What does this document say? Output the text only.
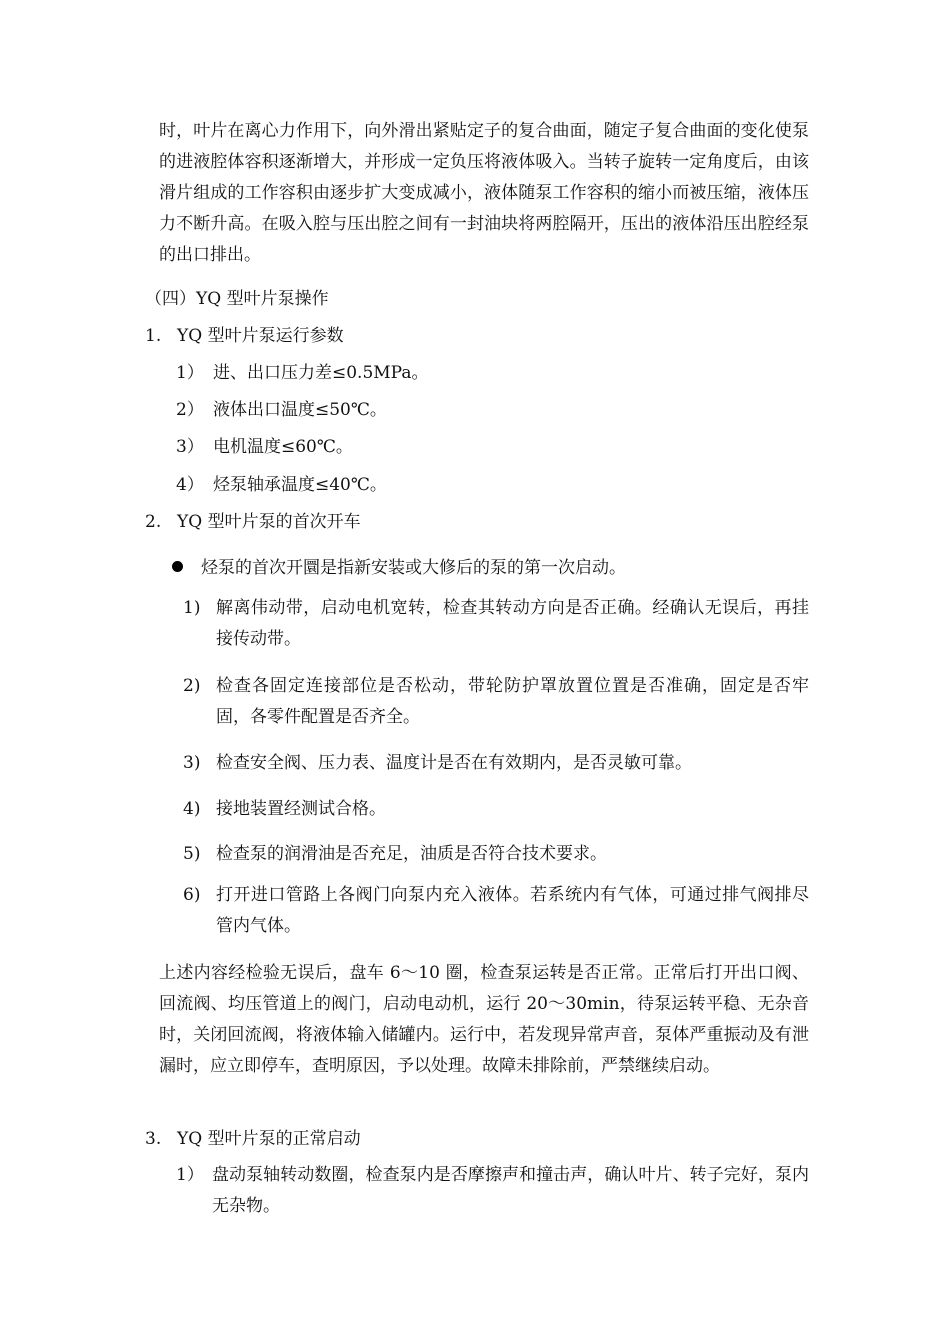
时，叶片在离心力作用下，向外滑出紧贴定子的复合曲面，随定子复合曲面的变化使泵的进液腔体容积逐渐增大，并形成一定负压将液体吸入。当转子旋转一定角度后，由该滑片组成的工作容积由逐步扩大变成减小，液体随泵工作容积的缩小而被压缩，液体压力不断升高。在吸入腔与压出腔之间有一封油块将两腔隔开，压出的液体沿压出腔经泵的出口排出。

（四）YQ 型叶片泵操作

1. YQ 型叶片泵运行参数

1） 进、出口压力差≤0.5MPa。

2） 液体出口温度≤50℃。

3） 电机温度≤60℃。

4） 烃泵轴承温度≤40℃。

2. YQ 型叶片泵的首次开车

烃泵的首次开圜是指新安装或大修后的泵的第一次启动。

1) 解离伟动带，启动电机宽转，检查其转动方向是否正确。经确认无误后，再挂接传动带。

2) 检查各固定连接部位是否松动，带轮防护罩放置位置是否准确，固定是否牢固，各零件配置是否齐全。

3) 检查安全阀、压力表、温度计是否在有效期内，是否灵敏可靠。

4) 接地装置经测试合格。

5) 检查泵的润滑油是否充足，油质是否符合技术要求。

6) 打开进口管路上各阀门向泵内充入液体。若系统内有气体，可通过排气阀排尽管内气体。

上述内容经检验无误后，盘车 6～10 圈，检查泵运转是否正常。正常后打开出口阀、回流阀、均压管道上的阀门，启动电动机，运行 20～30min，待泵运转平稳、无杂音时，关闭回流阀，将液体输入储罐内。运行中，若发现异常声音，泵体严重振动及有泄漏时，应立即停车，查明原因，予以处理。故障未排除前，严禁继续启动。

3. YQ 型叶片泵的正常启动

1） 盘动泵轴转动数圈，检查泵内是否摩擦声和撞击声，确认叶片、转子完好，泵内无杂物。
